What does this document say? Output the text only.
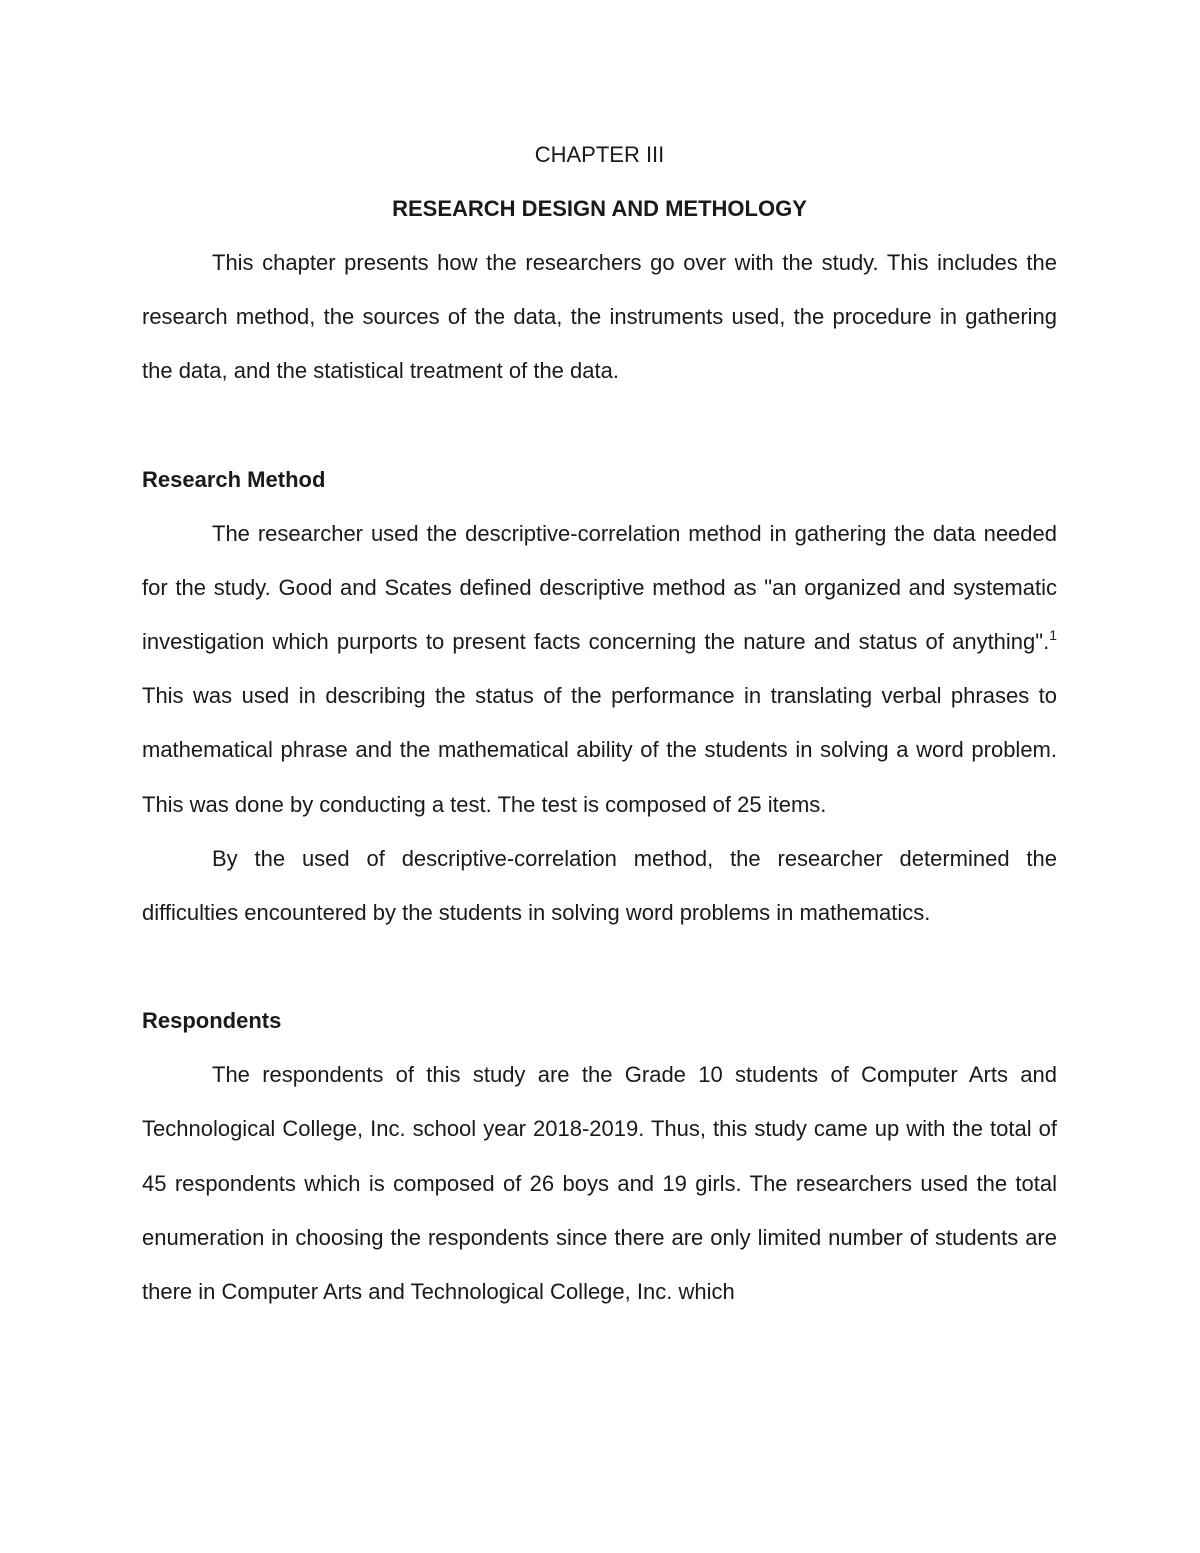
CHAPTER III

RESEARCH DESIGN AND METHOLOGY

This chapter presents how the researchers go over with the study. This includes the research method, the sources of the data, the instruments used, the procedure in gathering the data, and the statistical treatment of the data.

Research Method

The researcher used the descriptive-correlation method in gathering the data needed for the study. Good and Scates defined descriptive method as "an organized and systematic investigation which purports to present facts concerning the nature and status of anything".$^1$ This was used in describing the status of the performance in translating verbal phrases to mathematical phrase and the mathematical ability of the students in solving a word problem. This was done by conducting a test. The test is composed of 25 items.

By the used of descriptive-correlation method, the researcher determined the difficulties encountered by the students in solving word problems in mathematics.

Respondents

The respondents of this study are the Grade 10 students of Computer Arts and Technological College, Inc. school year 2018-2019. Thus, this study came up with the total of 45 respondents which is composed of 26 boys and 19 girls. The researchers used the total enumeration in choosing the respondents since there are only limited number of students are there in Computer Arts and Technological College, Inc. which
